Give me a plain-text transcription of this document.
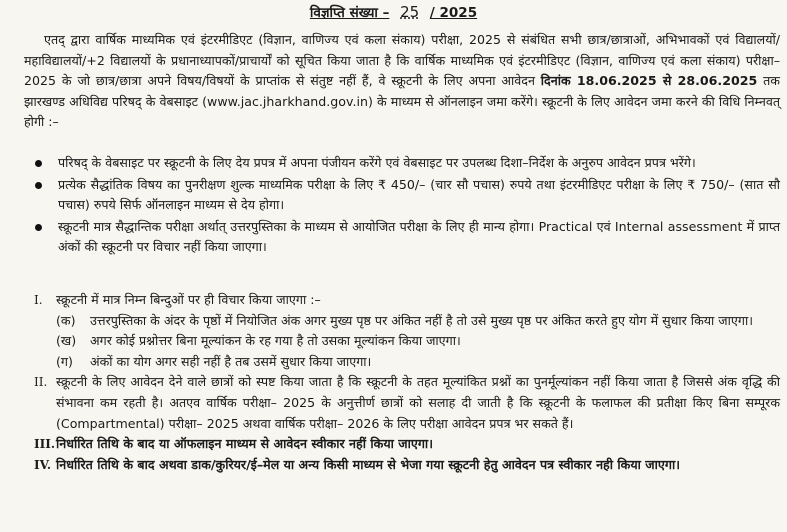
विज्ञप्ति संख्या – 25 / 2025
एतद् द्वारा वार्षिक माध्यमिक एवं इंटरमीडिएट (विज्ञान, वाणिज्य एवं कला संकाय) परीक्षा, 2025 से संबंधित सभी छात्र/छात्राओं, अभिभावकों एवं विद्यालयों/महाविद्यालयों/+2 विद्यालयों के प्रधानाध्यापकों/प्राचार्यों को सूचित किया जाता है कि वार्षिक माध्यमिक एवं इंटरमीडिएट (विज्ञान, वाणिज्य एवं कला संकाय) परीक्षा– 2025 के जो छात्र/छात्रा अपने विषय/विषयों के प्राप्तांक से संतुष्ट नहीं हैं, वे स्क्रूटनी के लिए अपना आवेदन दिनांक 18.06.2025 से 28.06.2025 तक झारखण्ड अधिविद्य परिषद् के वेबसाइट (www.jac.jharkhand.gov.in) के माध्यम से ऑनलाइन जमा करेंगे। स्क्रूटनी के लिए आवेदन जमा करने की विधि निम्नवत् होगी :–
परिषद् के वेबसाइट पर स्क्रूटनी के लिए देय प्रपत्र में अपना पंजीयन करेंगे एवं वेबसाइट पर उपलब्ध दिशा–निर्देश के अनुरुप आवेदन प्रपत्र भरेंगे।
प्रत्येक सैद्धांतिक विषय का पुनरीक्षण शुल्क माध्यमिक परीक्षा के लिए ₹ 450/– (चार सौ पचास) रुपये तथा इंटरमीडिएट परीक्षा के लिए ₹ 750/– (सात सौ पचास) रुपये सिर्फ ऑनलाइन माध्यम से देय होगा।
स्क्रूटनी मात्र सैद्धान्तिक परीक्षा अर्थात् उत्तरपुस्तिका के माध्यम से आयोजित परीक्षा के लिए ही मान्य होगा। Practical एवं Internal assessment में प्राप्त अंकों की स्क्रूटनी पर विचार नहीं किया जाएगा।
I. स्क्रूटनी में मात्र निम्न बिन्दुओं पर ही विचार किया जाएगा :–
(क)	उत्तरपुस्तिका के अंदर के पृष्ठों में नियोजित अंक अगर मुख्य पृष्ठ पर अंकित नहीं है तो उसे मुख्य पृष्ठ पर अंकित करते हुए योग में सुधार किया जाएगा।
(ख)	अगर कोई प्रश्नोत्तर बिना मूल्यांकन के रह गया है तो उसका मूल्यांकन किया जाएगा।
(ग)	अंकों का योग अगर सही नहीं है तब उसमें सुधार किया जाएगा।
II. स्क्रूटनी के लिए आवेदन देने वाले छात्रों को स्पष्ट किया जाता है कि स्क्रूटनी के तहत मूल्यांकित प्रश्नों का पुनर्मूल्यांकन नहीं किया जाता है जिससे अंक वृद्धि की संभावना कम रहती है। अतएव वार्षिक परीक्षा– 2025 के अनुत्तीर्ण छात्रों को सलाह दी जाती है कि स्क्रूटनी के फलाफल की प्रतीक्षा किए बिना सम्पूरक (Compartmental) परीक्षा– 2025 अथवा वार्षिक परीक्षा– 2026 के लिए परीक्षा आवेदन प्रपत्र भर सकते हैं।
III. निर्धारित तिथि के बाद या ऑफलाइन माध्यम से आवेदन स्वीकार नहीं किया जाएगा।
IV. निर्धारित तिथि के बाद अथवा डाक/कुरियर/ई–मेल या अन्य किसी माध्यम से भेजा गया स्क्रूटनी हेतु आवेदन पत्र स्वीकार नही किया जाएगा।
